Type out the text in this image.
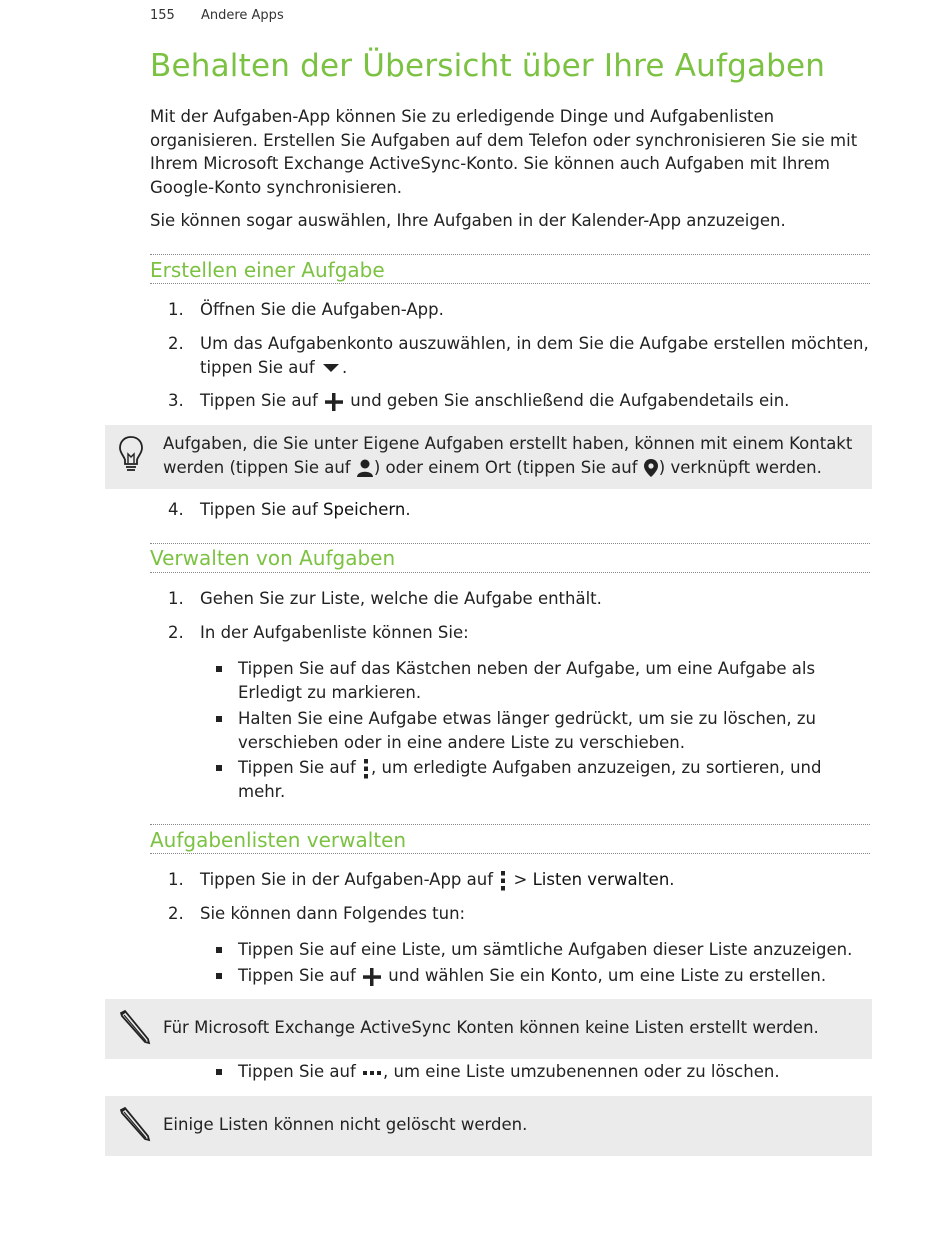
155 Andere Apps
Behalten der Übersicht über Ihre Aufgaben

Mit der Aufgaben-App können Sie zu erledigende Dinge und Aufgabenlisten organisieren. Erstellen Sie Aufgaben auf dem Telefon oder synchronisieren Sie sie mit Ihrem Microsoft Exchange ActiveSync-Konto. Sie können auch Aufgaben mit Ihrem Google-Konto synchronisieren.

Sie können sogar auswählen, Ihre Aufgaben in der Kalender-App anzuzeigen.

Erstellen einer Aufgabe
1. Öffnen Sie die Aufgaben-App.
2. Um das Aufgabenkonto auszuwählen, in dem Sie die Aufgabe erstellen möchten, tippen Sie auf .
3. Tippen Sie auf und geben Sie anschließend die Aufgabendetails ein.
Aufgaben, die Sie unter Eigene Aufgaben erstellt haben, können mit einem Kontakt werden (tippen Sie auf ) oder einem Ort (tippen Sie auf ) verknüpft werden.
4. Tippen Sie auf Speichern.
Verwalten von Aufgaben
1. Gehen Sie zur Liste, welche die Aufgabe enthält.
2. In der Aufgabenliste können Sie:
Tippen Sie auf das Kästchen neben der Aufgabe, um eine Aufgabe als Erledigt zu markieren.
Halten Sie eine Aufgabe etwas länger gedrückt, um sie zu löschen, zu verschieben oder in eine andere Liste zu verschieben.
Tippen Sie auf , um erledigte Aufgaben anzuzeigen, zu sortieren, und mehr.
Aufgabenlisten verwalten
1. Tippen Sie in der Aufgaben-App auf > Listen verwalten.
2. Sie können dann Folgendes tun:
Tippen Sie auf eine Liste, um sämtliche Aufgaben dieser Liste anzuzeigen.
Tippen Sie auf und wählen Sie ein Konto, um eine Liste zu erstellen.
Für Microsoft Exchange ActiveSync Konten können keine Listen erstellt werden.
Tippen Sie auf , um eine Liste umzubenennen oder zu löschen.
Einige Listen können nicht gelöscht werden.
